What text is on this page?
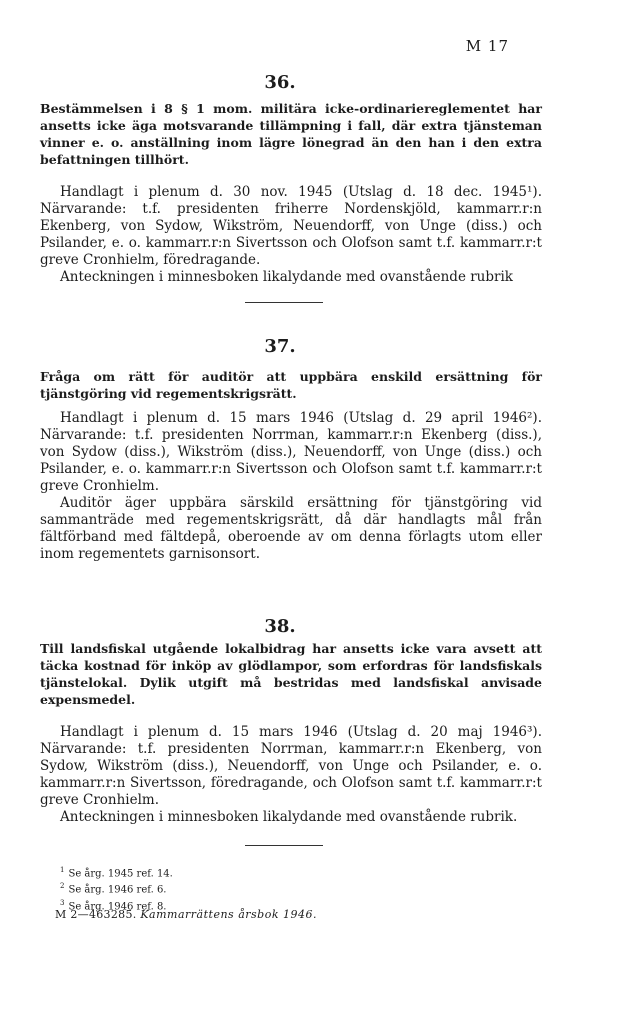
M 17
36.
Bestämmelsen i 8 § 1 mom. militära icke-ordinariereglementet har ansetts icke äga motsvarande tillämpning i fall, där extra tjänsteman vinner e. o. anställning inom lägre lönegrad än den han i den extra befattningen tillhört.

Handlagt i plenum d. 30 nov. 1945 (Utslag d. 18 dec. 1945¹). Närvarande: t.f. presidenten friherre Nordenskjöld, kammarr.r:n Ekenberg, von Sydow, Wikström, Neuendorff, von Unge (diss.) och Psilander, e. o. kammarr.r:n Sivertsson och Olofson samt t.f. kammarr.r:t greve Cronhielm, föredragande.

Anteckningen i minnesboken likalydande med ovanstående rubrik

37.
Fråga om rätt för auditör att uppbära enskild ersättning för tjänstgöring vid regementskrigsrätt.

Handlagt i plenum d. 15 mars 1946 (Utslag d. 29 april 1946²). Närvarande: t.f. presidenten Norrman, kammarr.r:n Ekenberg (diss.), von Sydow (diss.), Wikström (diss.), Neuendorff, von Unge (diss.) och Psilander, e. o. kammarr.r:n Sivertsson och Olofson samt t.f. kammarr.r:t greve Cronhielm.

Auditör äger uppbära särskild ersättning för tjänstgöring vid sammanträde med regementskrigsrätt, då där handlagts mål från fältförband med fältdepå, oberoende av om denna förlagts utom eller inom regementets garnisonsort.

38.
Till landsfiskal utgående lokalbidrag har ansetts icke vara avsett att täcka kostnad för inköp av glödlampor, som erfordras för landsfiskals tjänstelokal. Dylik utgift må bestridas med landsfiskal anvisade expensmedel.

Handlagt i plenum d. 15 mars 1946 (Utslag d. 20 maj 1946³). Närvarande: t.f. presidenten Norrman, kammarr.r:n Ekenberg, von Sydow, Wikström (diss.), Neuendorff, von Unge och Psilander, e. o. kammarr.r:n Sivertsson, föredragande, och Olofson samt t.f. kammarr.r:t greve Cronhielm.

Anteckningen i minnesboken likalydande med ovanstående rubrik.

$^1$ Se årg. 1945 ref. 14.
$^2$ Se årg. 1946 ref. 6.
$^3$ Se årg. 1946 ref. 8.
M 2—463285. Kammarrättens årsbok 1946.
